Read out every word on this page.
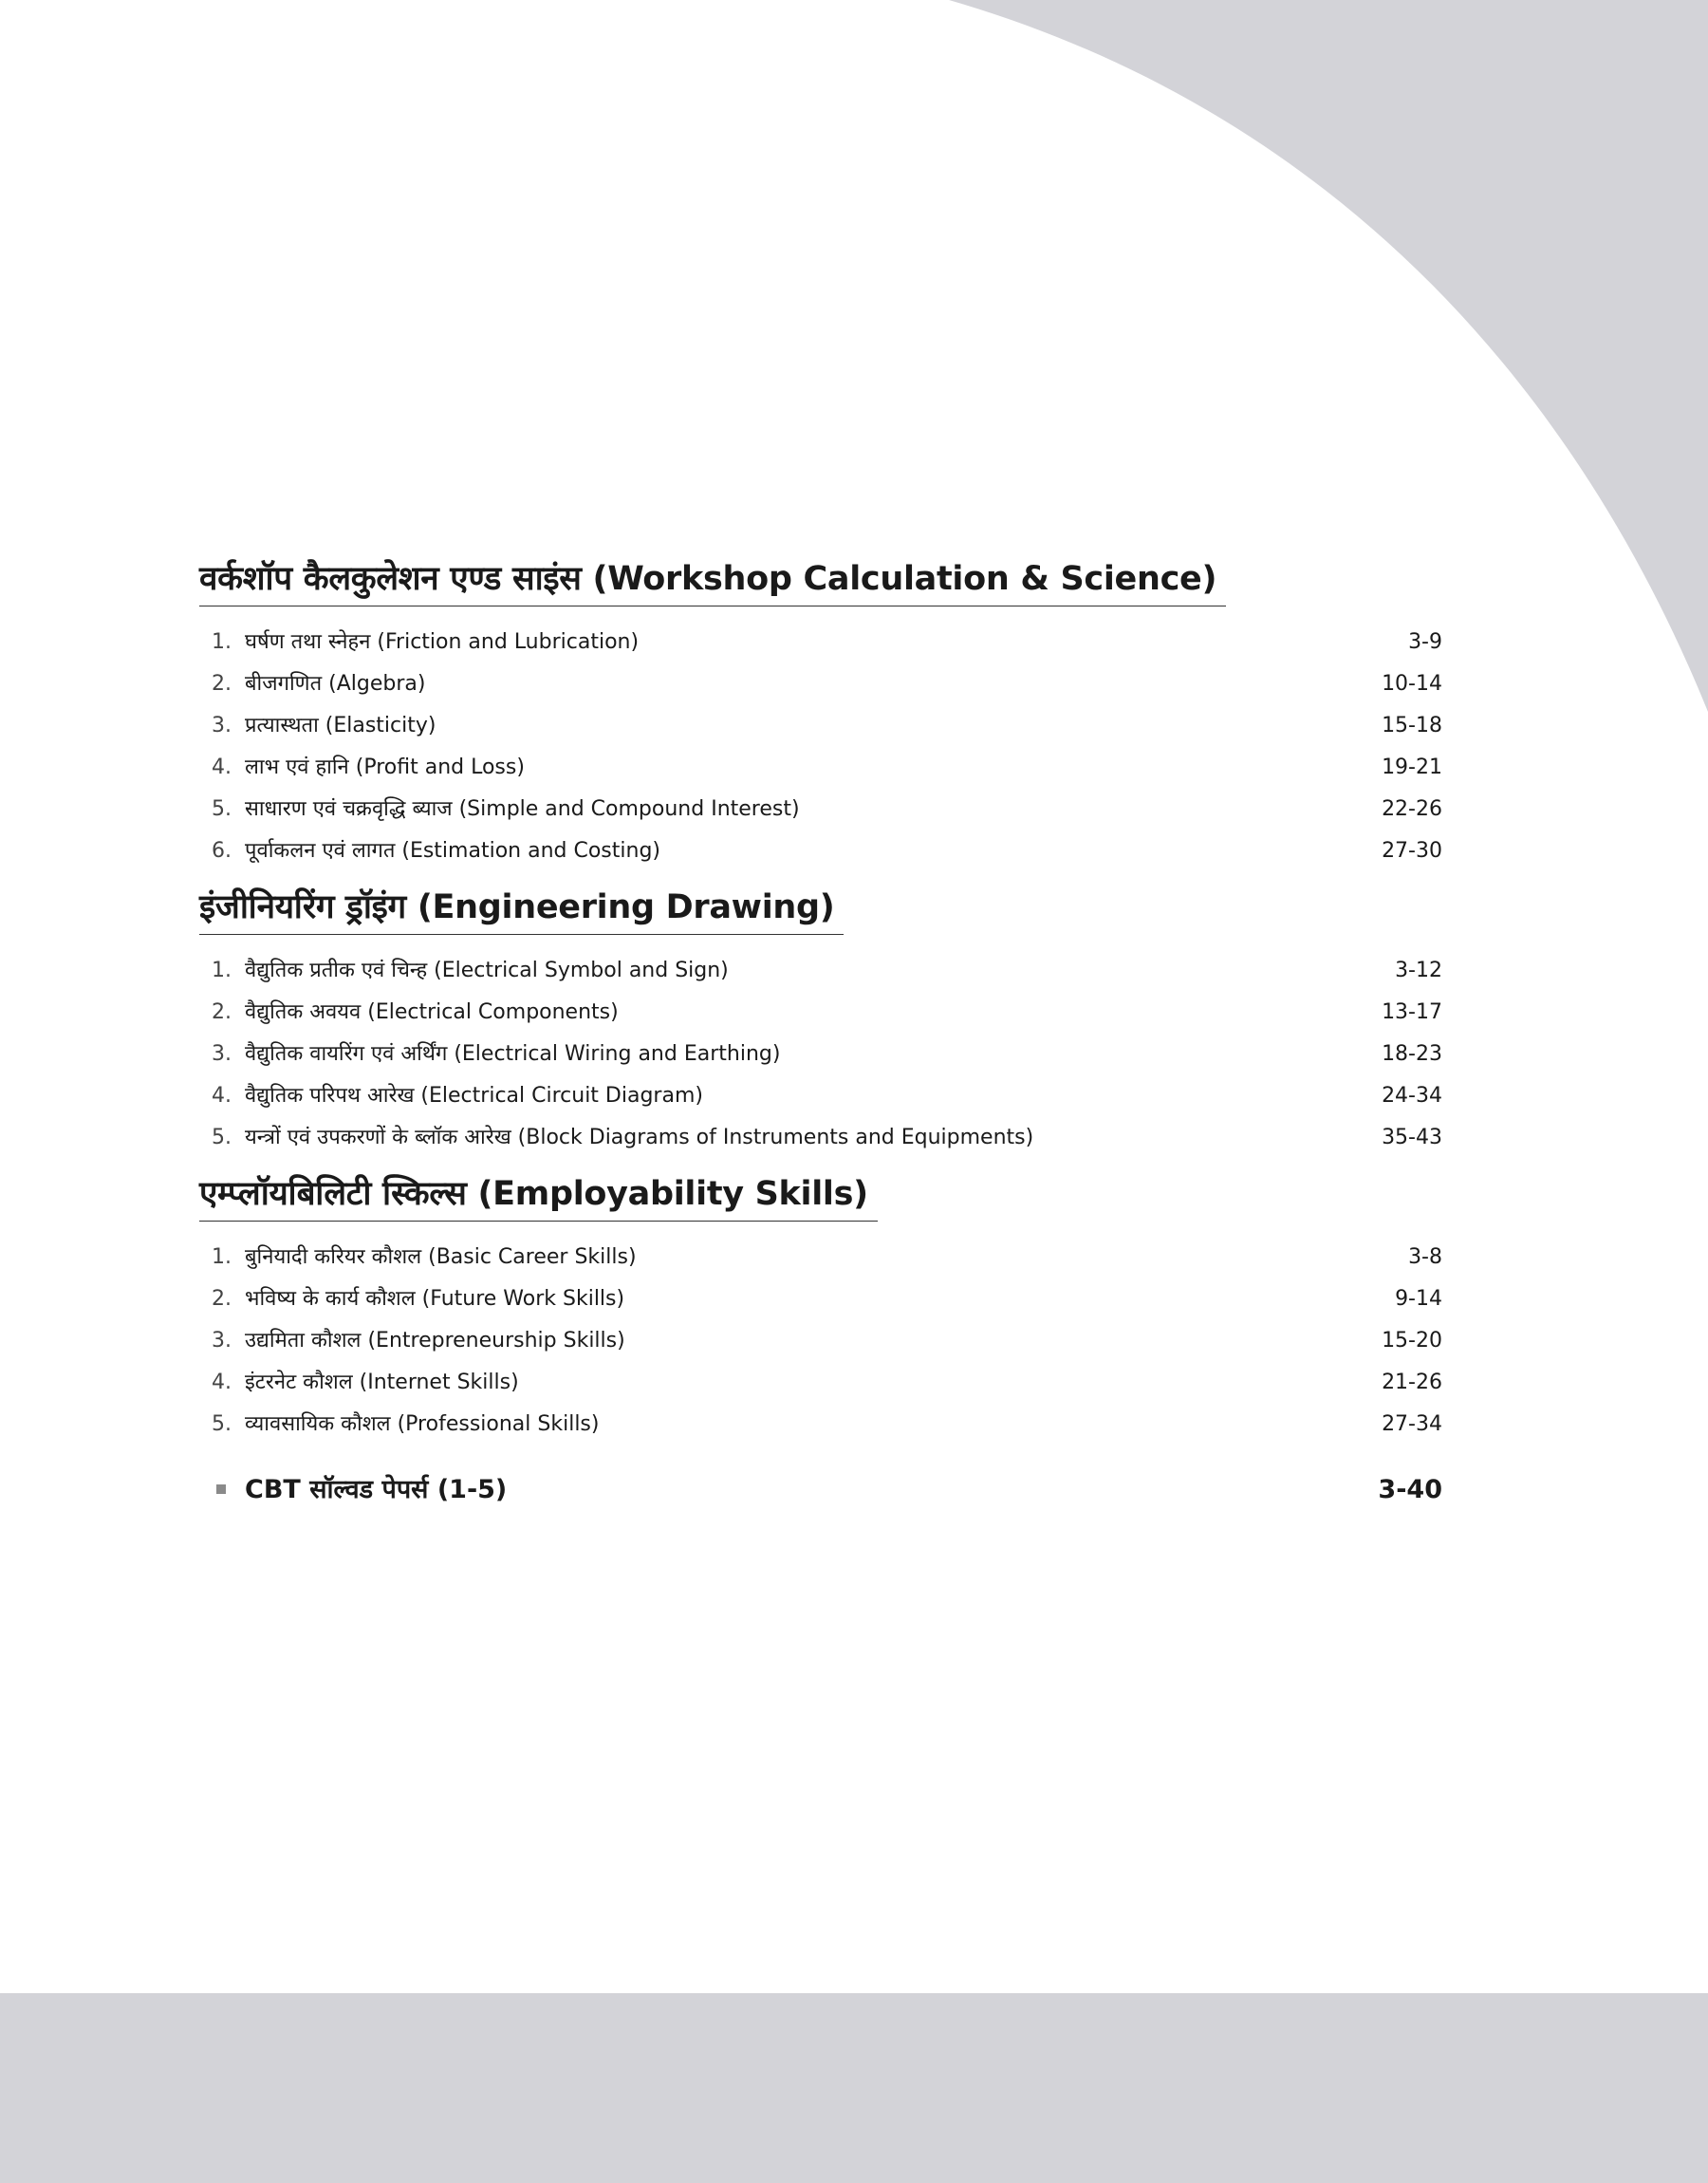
वर्कशॉप कैलकुलेशन एण्ड साइंस (Workshop Calculation & Science)
1. घर्षण तथा स्नेहन (Friction and Lubrication)	3-9
2. बीजगणित (Algebra)	10-14
3. प्रत्यास्थता (Elasticity)	15-18
4. लाभ एवं हानि (Profit and Loss)	19-21
5. साधारण एवं चक्रवृद्धि ब्याज (Simple and Compound Interest)	22-26
6. पूर्वाकलन एवं लागत (Estimation and Costing)	27-30
इंजीनियरिंग ड्रॉइंग (Engineering Drawing)
1. वैद्युतिक प्रतीक एवं चिन्ह (Electrical Symbol and Sign)	3-12
2. वैद्युतिक अवयव (Electrical Components)	13-17
3. वैद्युतिक वायरिंग एवं अर्थिंग (Electrical Wiring and Earthing)	18-23
4. वैद्युतिक परिपथ आरेख (Electrical Circuit Diagram)	24-34
5. यन्त्रों एवं उपकरणों के ब्लॉक आरेख (Block Diagrams of Instruments and Equipments)	35-43
एम्प्लॉयबिलिटी स्किल्स (Employability Skills)
1. बुनियादी करियर कौशल (Basic Career Skills)	3-8
2. भविष्य के कार्य कौशल (Future Work Skills)	9-14
3. उद्यमिता कौशल (Entrepreneurship Skills)	15-20
4. इंटरनेट कौशल (Internet Skills)	21-26
5. व्यावसायिक कौशल (Professional Skills)	27-34
CBT सॉल्वड पेपर्स (1-5)	3-40
